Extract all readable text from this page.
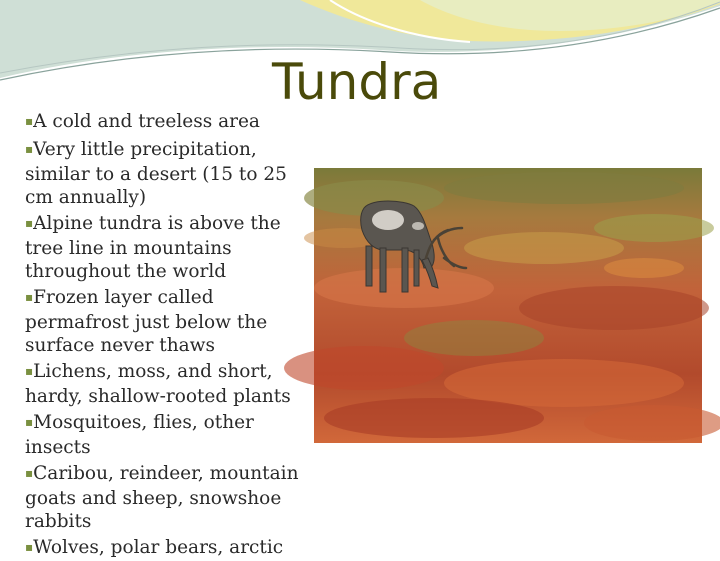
Tundra
▪A cold and treeless area
▪Very little precipitation, similar to a desert (15 to 25 cm annually)
▪Alpine tundra is above the tree line in mountains throughout the world
▪Frozen layer called permafrost just below the surface never thaws
▪Lichens, moss, and short, hardy, shallow-rooted plants
▪Mosquitoes, flies, other insects
▪Caribou, reindeer, mountain goats and sheep, snowshoe rabbits
▪Wolves, polar bears, arctic
